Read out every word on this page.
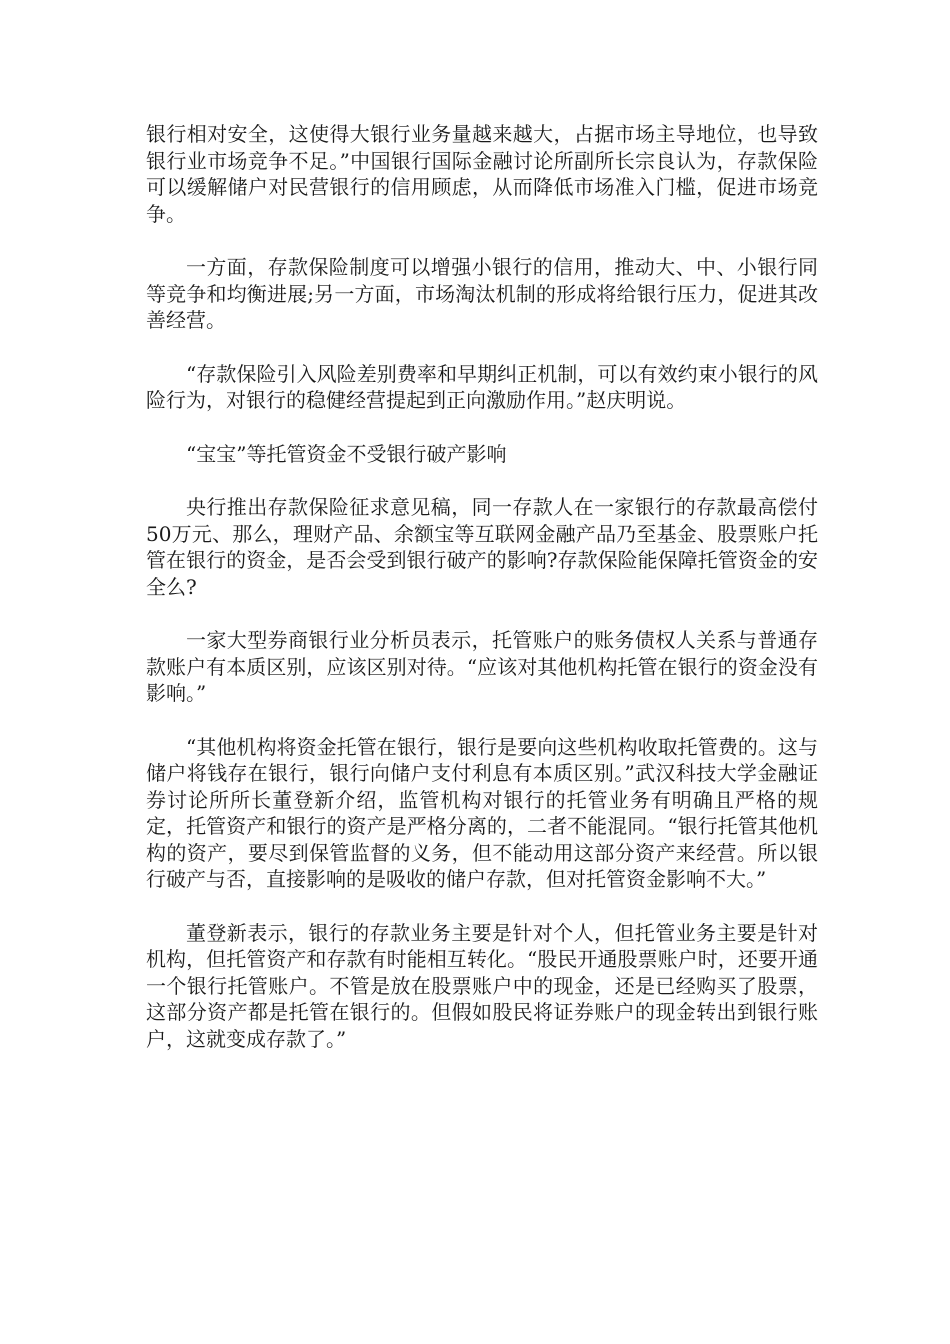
银行相对安全，这使得大银行业务量越来越大，占据市场主导地位，也导致银行业市场竞争不足。”中国银行国际金融讨论所副所长宗良认为，存款保险可以缓解储户对民营银行的信用顾虑，从而降低市场准入门槛，促进市场竞争。

一方面，存款保险制度可以增强小银行的信用，推动大、中、小银行同等竞争和均衡进展;另一方面，市场淘汰机制的形成将给银行压力，促进其改善经营。

“存款保险引入风险差别费率和早期纠正机制，可以有效约束小银行的风险行为，对银行的稳健经营提起到正向激励作用。”赵庆明说。

“宝宝”等托管资金不受银行破产影响

央行推出存款保险征求意见稿，同一存款人在一家银行的存款最高偿付50万元、那么，理财产品、余额宝等互联网金融产品乃至基金、股票账户托管在银行的资金，是否会受到银行破产的影响?存款保险能保障托管资金的安全么?

一家大型券商银行业分析员表示，托管账户的账务债权人关系与普通存款账户有本质区别，应该区别对待。“应该对其他机构托管在银行的资金没有影响。”

“其他机构将资金托管在银行，银行是要向这些机构收取托管费的。这与储户将钱存在银行，银行向储户支付利息有本质区别。”武汉科技大学金融证券讨论所所长董登新介绍，监管机构对银行的托管业务有明确且严格的规定，托管资产和银行的资产是严格分离的，二者不能混同。“银行托管其他机构的资产，要尽到保管监督的义务，但不能动用这部分资产来经营。所以银行破产与否，直接影响的是吸收的储户存款，但对托管资金影响不大。”

董登新表示，银行的存款业务主要是针对个人，但托管业务主要是针对机构，但托管资产和存款有时能相互转化。“股民开通股票账户时，还要开通一个银行托管账户。不管是放在股票账户中的现金，还是已经购买了股票，这部分资产都是托管在银行的。但假如股民将证券账户的现金转出到银行账户，这就变成存款了。”
